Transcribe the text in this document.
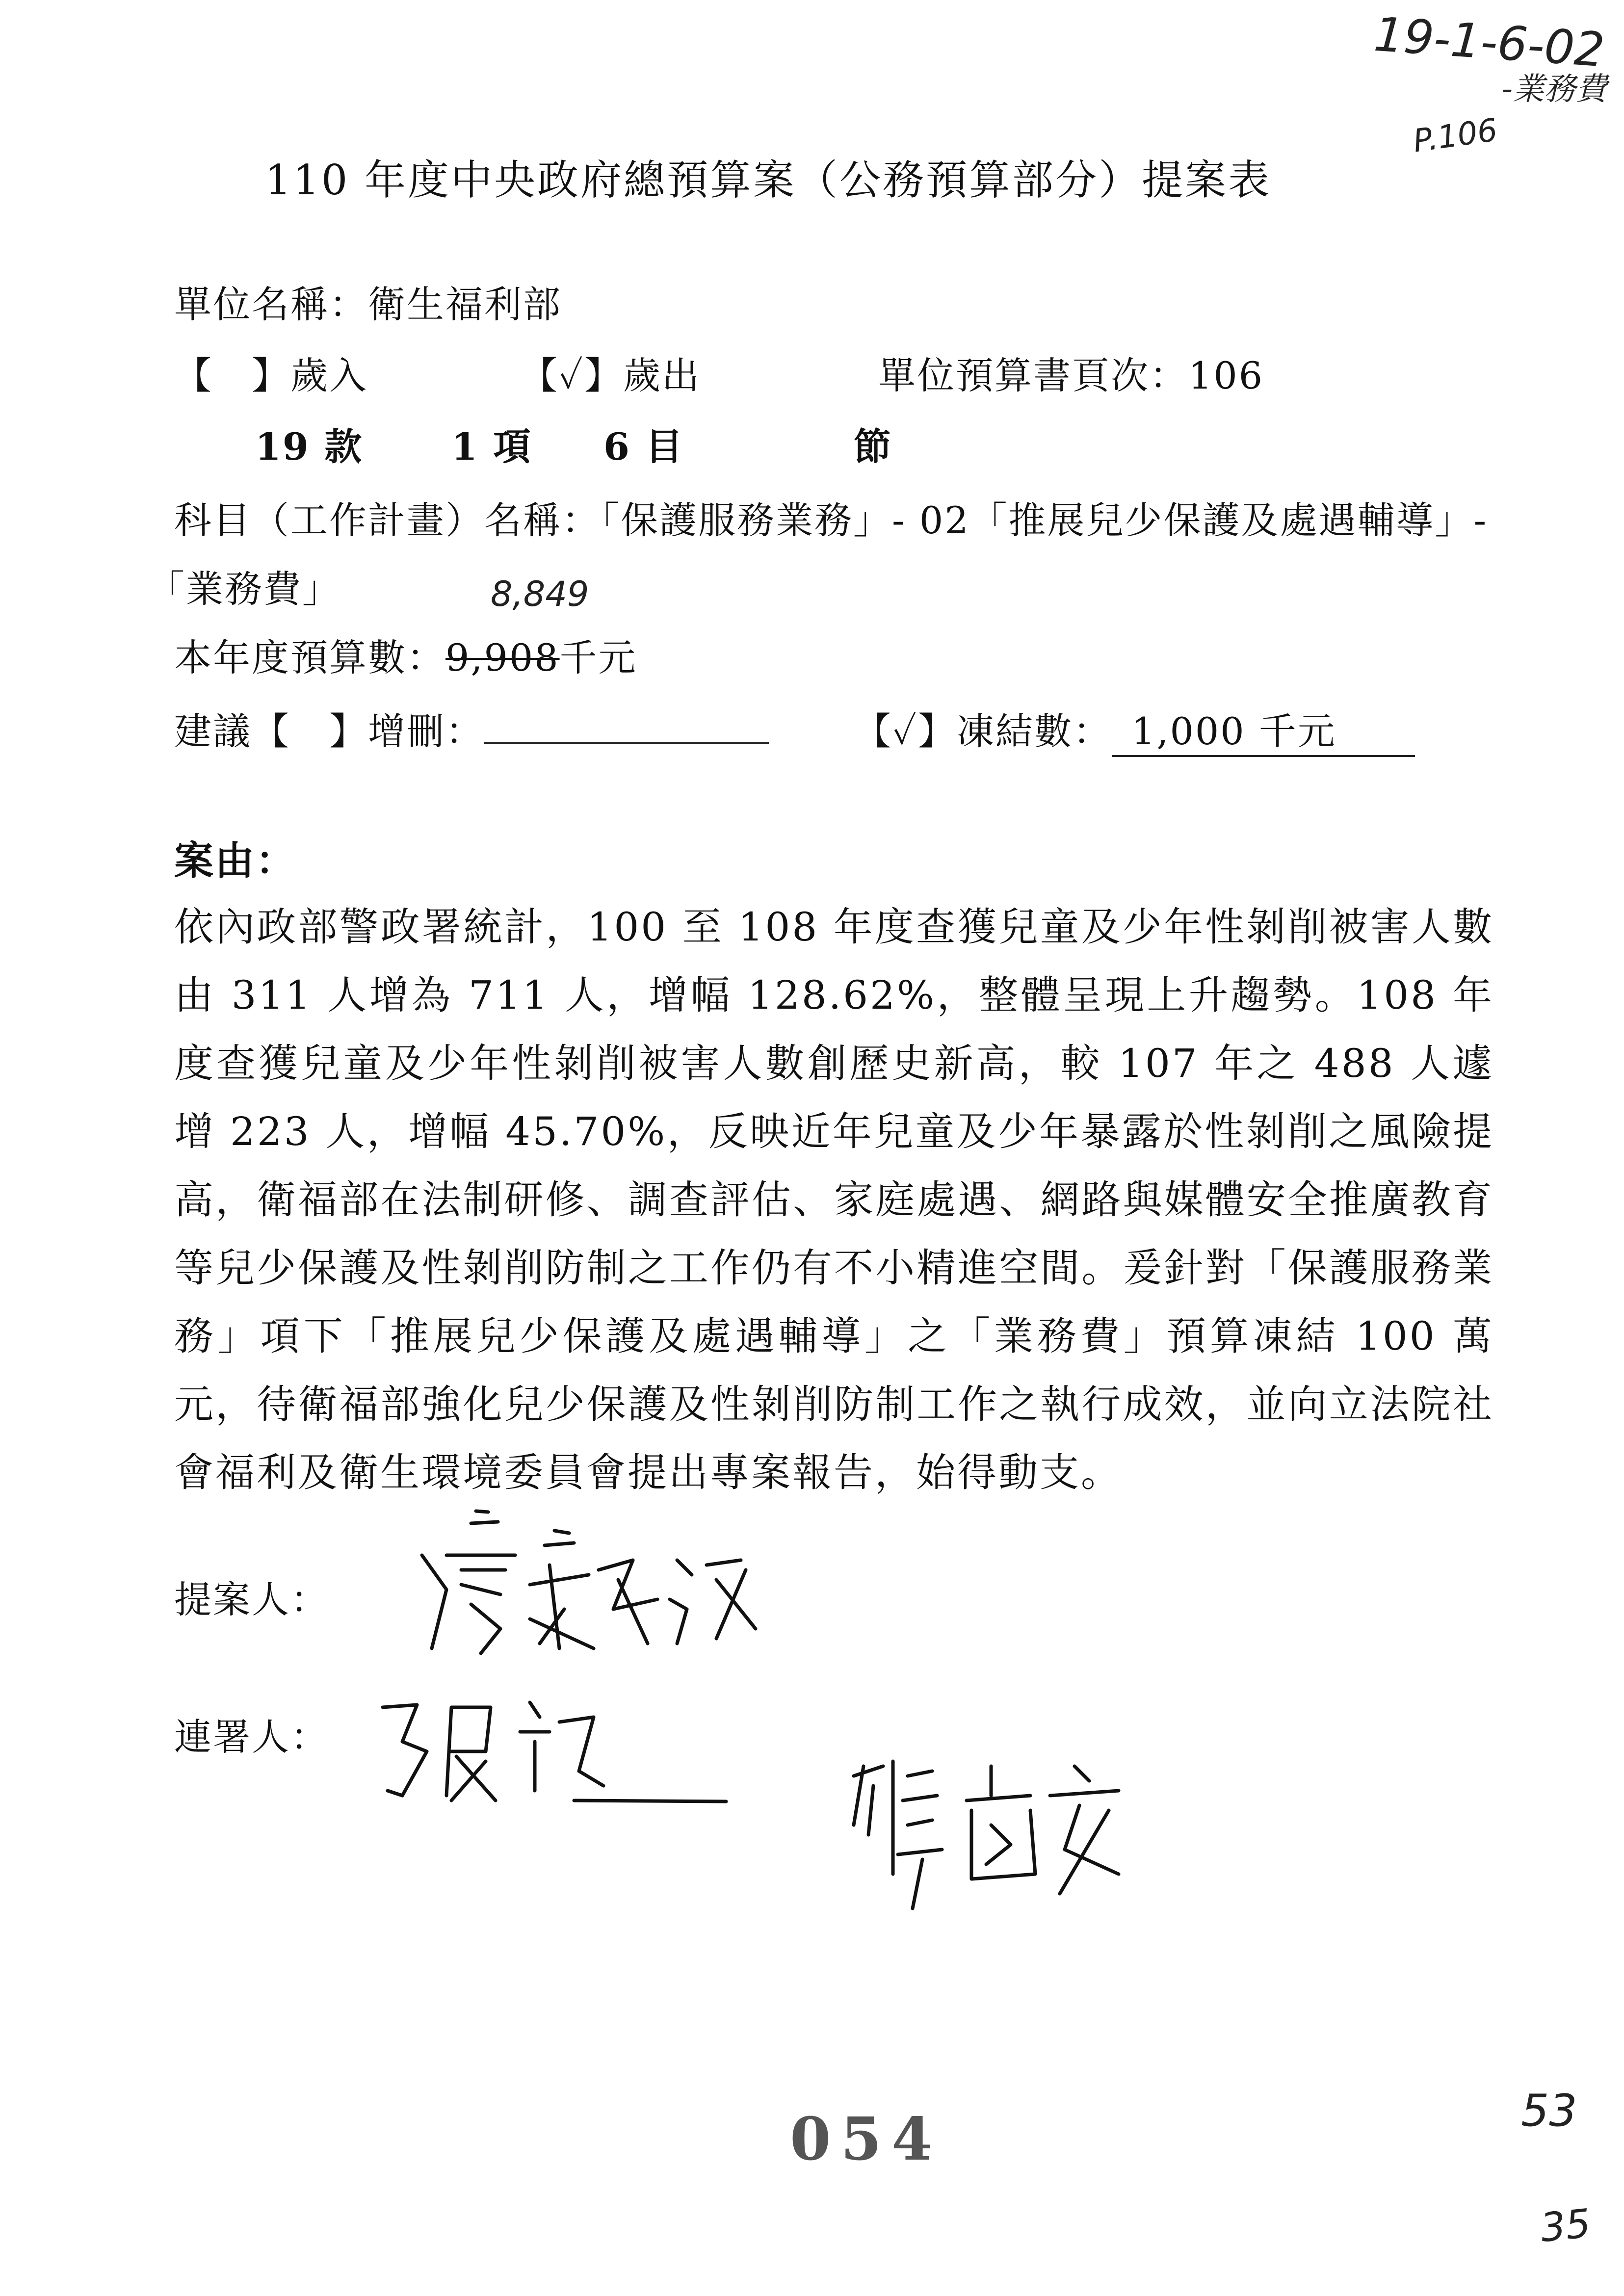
19-1-6-02
-業務費
P.106
110 年度中央政府總預算案（公務預算部分）提案表
單位名稱：衛生福利部
【　】歲入	【✓】歲出	單位預算書頁次：106
19 款 1 項 6 目	節
科目（工作計畫）名稱：「保護服務業務」- 02「推展兒少保護及處遇輔導」-
「業務費」	8,849
本年度預算數：9,908千元
建議【　】增刪：	【✓】凍結數： 1,000 千元
案由：
依內政部警政署統計，100 至 108 年度查獲兒童及少年性剝削被害人數由 311 人增為 711 人，增幅 128.62%，整體呈現上升趨勢。108 年度查獲兒童及少年性剝削被害人數創歷史新高，較 107 年之 488 人遽增 223 人，增幅 45.70%，反映近年兒童及少年暴露於性剝削之風險提高，衛福部在法制研修、調查評估、家庭處遇、網路與媒體安全推廣教育等兒少保護及性剝削防制之工作仍有不小精進空間。爰針對「保護服務業務」項下「推展兒少保護及處遇輔導」之「業務費」預算凍結 100 萬元，待衛福部強化兒少保護及性剝削防制工作之執行成效，並向立法院社會福利及衛生環境委員會提出專案報告，始得動支。
提案人：
連署人：
054	53
35
